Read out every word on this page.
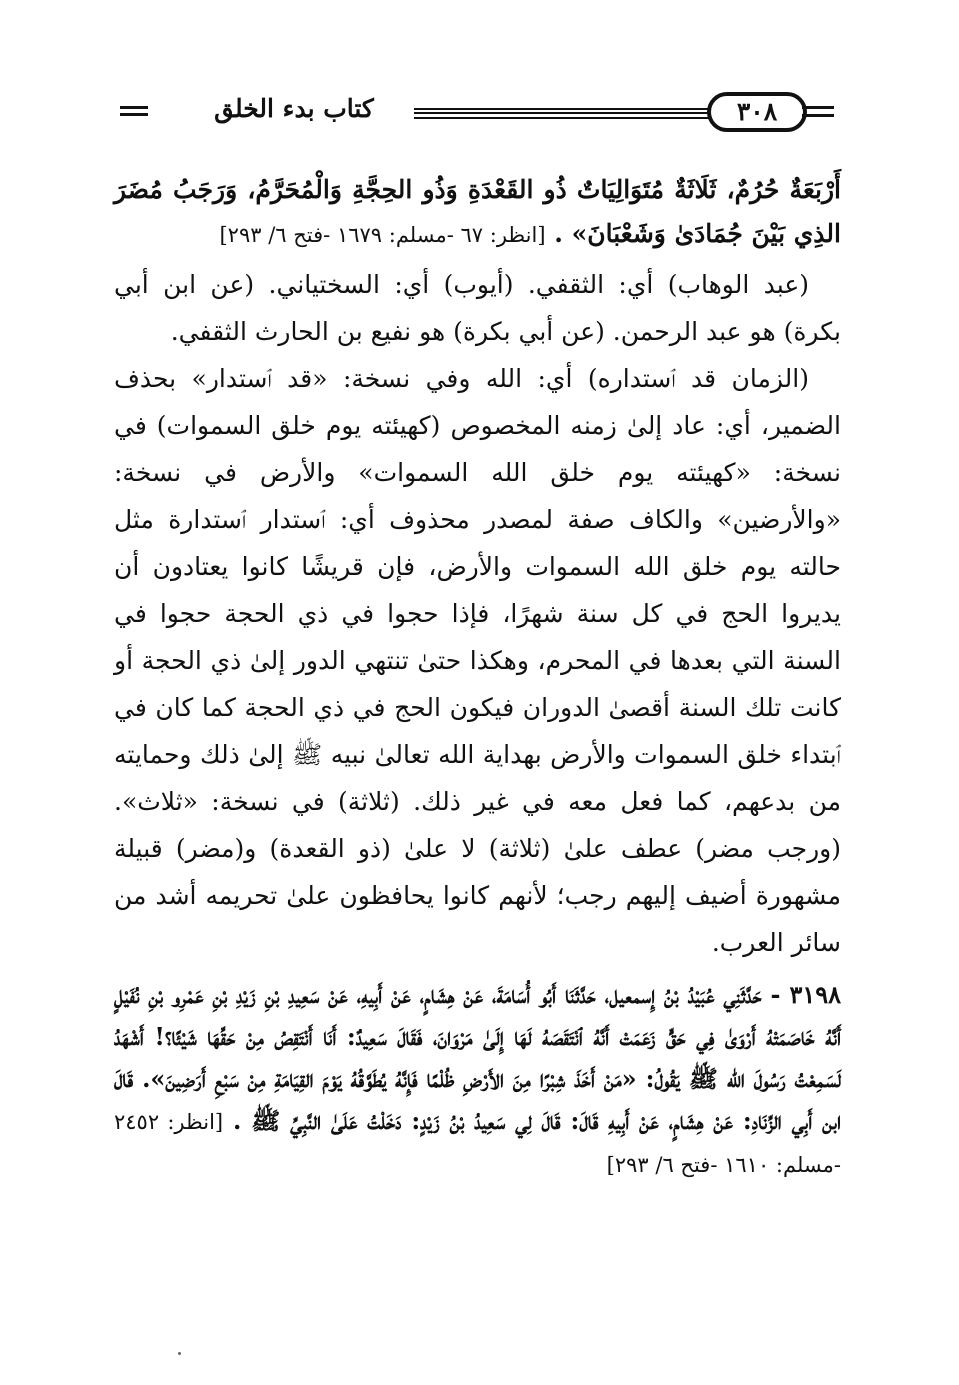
كتاب بدء الخلق	٣٠٨

أَرْبَعَةٌ حُرُمٌ، ثَلَاثَةٌ مُتَوَالِيَاتٌ ذُو القَعْدَةِ وَذُو الحِجَّةِ وَالْمُحَرَّمُ، وَرَجَبُ مُضَرَ الذِي بَيْنَ جُمَادَىٰ وَشَعْبَانَ» . [انظر: ٦٧ -مسلم: ١٦٧٩ -فتح ٦/ ٢٩٣]

(عبد الوهاب) أي: الثقفي. (أيوب) أي: السختياني. (عن ابن أبي بكرة) هو عبد الرحمن. (عن أبي بكرة) هو نفيع بن الحارث الثقفي.

(الزمان قد ٱستداره) أي: الله وفي نسخة: «قد ٱستدار» بحذف الضمير، أي: عاد إلىٰ زمنه المخصوص (كهيئته يوم خلق السموات) في نسخة: «كهيئته يوم خلق الله السموات» والأرض في نسخة: «والأرضين» والكاف صفة لمصدر محذوف أي: ٱستدار ٱستدارة مثل حالته يوم خلق الله السموات والأرض، فإن قريشًا كانوا يعتادون أن يديروا الحج في كل سنة شهرًا، فإذا حجوا في ذي الحجة حجوا في السنة التي بعدها في المحرم، وهكذا حتىٰ تنتهي الدور إلىٰ ذي الحجة أو كانت تلك السنة أقصىٰ الدوران فيكون الحج في ذي الحجة كما كان في ٱبتداء خلق السموات والأرض بهداية الله تعالىٰ نبيه ﷺ إلىٰ ذلك وحمايته من بدعهم، كما فعل معه في غير ذلك. (ثلاثة) في نسخة: «ثلاث». (ورجب مضر) عطف علىٰ (ثلاثة) لا علىٰ (ذو القعدة) و(مضر) قبيلة مشهورة أضيف إليهم رجب؛ لأنهم كانوا يحافظون علىٰ تحريمه أشد من سائر العرب.

٣١٩٨ - حَدَّثَنِي عُبَيْدُ بْنُ إِسمعيل، حَدَّثَنَا أَبُو أُسَامَةَ، عَنْ هِشَامٍ، عَنْ أَبِيهِ، عَنْ سَعِيدِ بْنِ زَيْدِ بْنِ عَمْرِو بْنِ نُفَيْلٍ أَنَّهُ خَاصَمَتْهُ أَرْوَىٰ فِي حَقٍّ زَعَمَتْ أَنَّهُ ٱنْتَقَصَهُ لَهَا إِلَىٰ مَرْوَانَ، فَقَالَ سَعِيدٌ: أَنَا أَنْتَقِصُ مِنْ حَقِّهَا شَيْئًا؟! أَشْهَدُ لَسَمِعْتُ رَسُولَ الله ﷺ يَقُولُ: «مَنْ أَخَذَ شِبْرًا مِنَ الأَرْضِ ظُلْمًا فَإِنَّهُ يُطَوَّقُهُ يَوْمَ القِيَامَةِ مِنْ سَبْعِ أَرَضِينَ». قَالَ ابن أَبِي الزِّنَادِ: عَنْ هِشَامٍ، عَنْ أَبِيهِ قَالَ: قَالَ لِي سَعِيدُ بْنُ زَيْدٍ: دَخَلْتُ عَلَىٰ النَّبِيِّ ﷺ . [انظر: ٢٤٥٢ -مسلم: ١٦١٠ -فتح ٦/ ٢٩٣]
